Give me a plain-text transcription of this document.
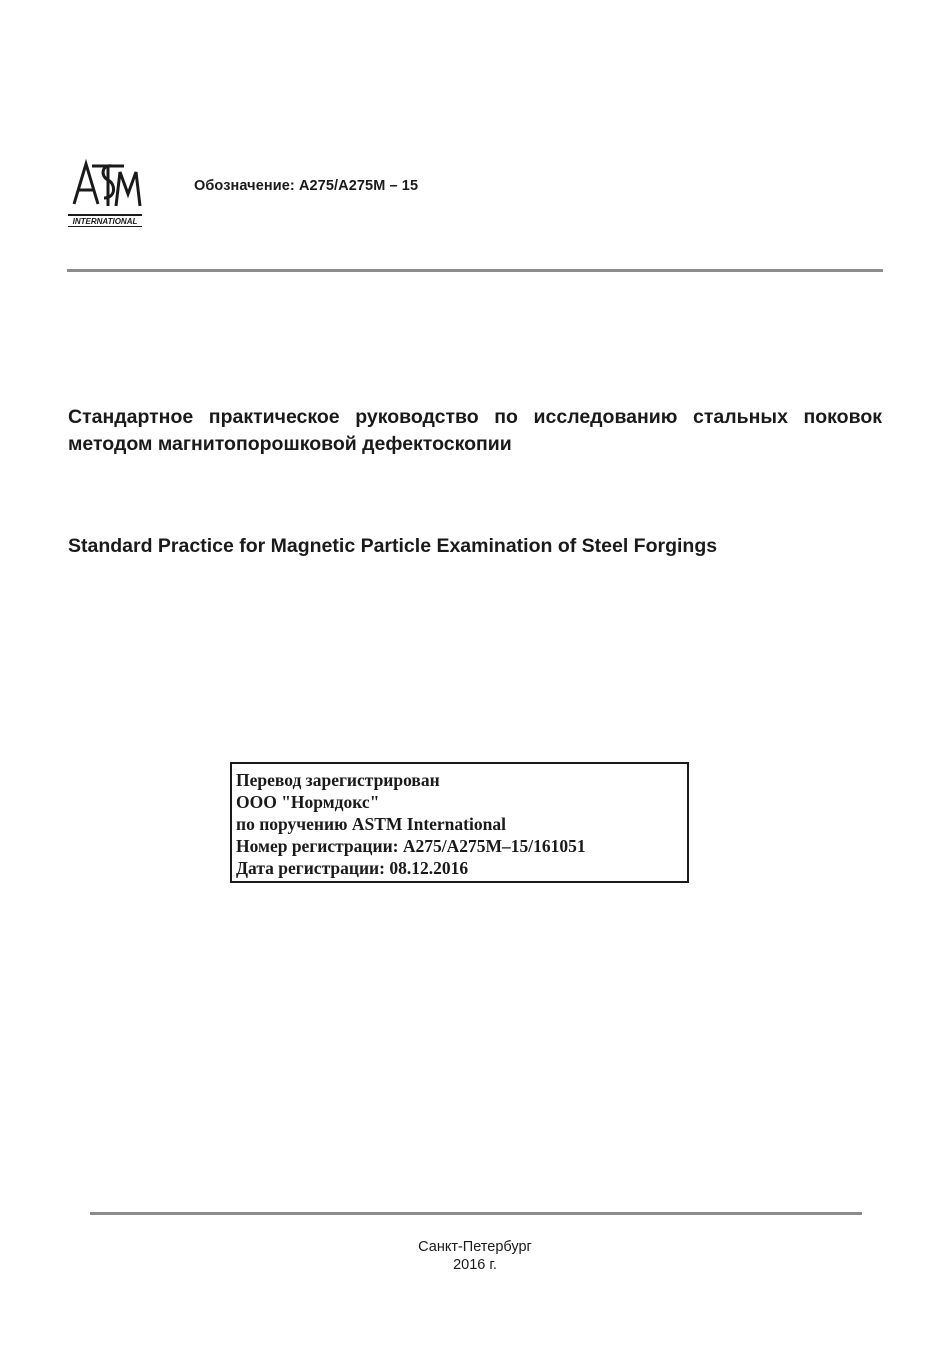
INTERNATIONAL
Обозначение: A275/A275M – 15
Стандартное практическое руководство по исследованию стальных поковок методом магнитопорошковой дефектоскопии
Standard Practice for Magnetic Particle Examination of Steel Forgings
Перевод зарегистрирован
ООО "Нормдокс"
по поручению ASTM International
Номер регистрации: A275/A275M–15/161051
Дата регистрации: 08.12.2016
Санкт-Петербург
2016 г.
